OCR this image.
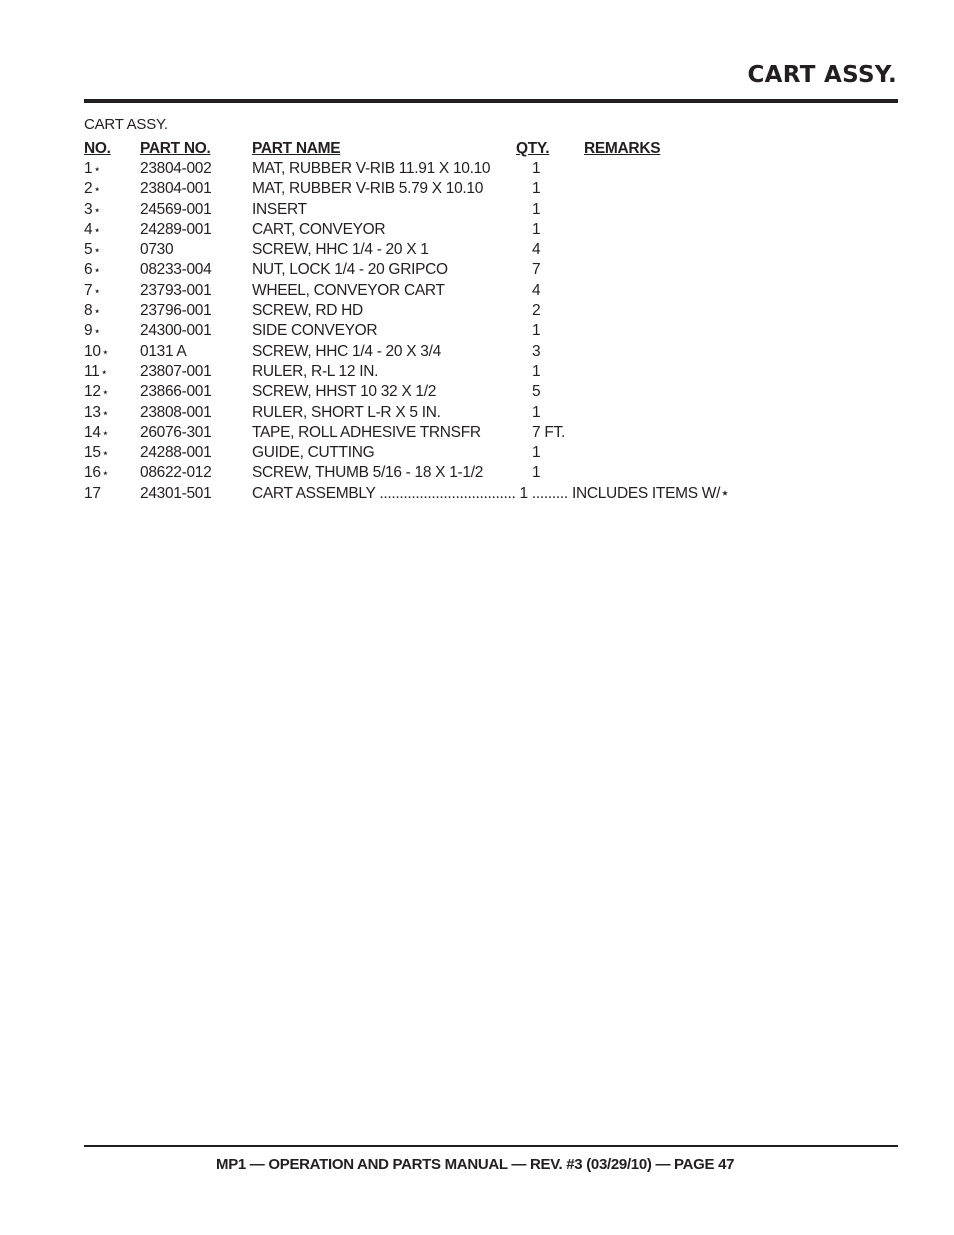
CART ASSY.
CART ASSY.
NO. PART NO.	PART NAME	QTY. REMARKS
1 ⋆	23804-002	MAT, RUBBER V-RIB 11.91 X 10.10	1
2 ⋆	23804-001	MAT, RUBBER V-RIB 5.79 X 10.10	1
3 ⋆	24569-001	INSERT	1
4 ⋆	24289-001	CART, CONVEYOR	1
5 ⋆	0730	SCREW, HHC 1/4 - 20 X 1	4
6 ⋆	08233-004	NUT, LOCK 1/4 - 20 GRIPCO	7
7 ⋆	23793-001	WHEEL, CONVEYOR CART	4
8 ⋆	23796-001	SCREW, RD HD	2
9 ⋆	24300-001	SIDE CONVEYOR	1
10 ⋆	0131 A	SCREW, HHC 1/4 - 20 X 3/4	3
11 ⋆	23807-001	RULER, R-L 12 IN.	1
12 ⋆	23866-001	SCREW, HHST 10 32 X 1/2	5
13 ⋆	23808-001	RULER, SHORT L-R X 5 IN.	1
14 ⋆	26076-301	TAPE, ROLL ADHESIVE TRNSFR	7 FT.
15 ⋆	24288-001	GUIDE, CUTTING	1
16 ⋆	08622-012	SCREW, THUMB 5/16 - 18 X 1-1/2	1
17	24301-501	CART ASSEMBLY .................................. 1 ......... INCLUDES ITEMS W/⋆
MP1 — OPERATION AND PARTS MANUAL — REV. #3 (03/29/10) — PAGE 47
